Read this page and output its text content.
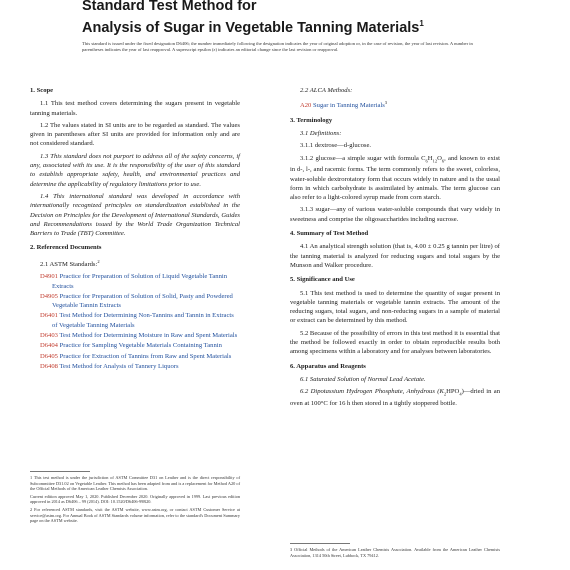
Standard Test Method for
Analysis of Sugar in Vegetable Tanning Materials$^1$
This standard is issued under the fixed designation D6406; the number immediately following the designation indicates the year of original adoption or, in the case of revision, the year of last revision. A number in parentheses indicates the year of last reapproval. A superscript epsilon (ε) indicates an editorial change since the last revision or reapproval.
1. Scope

1.1 This test method covers determining the sugars present in vegetable tanning materials.

1.2 The values stated in SI units are to be regarded as standard. The values given in parentheses after SI units are provided for information only and are not considered standard.

1.3 This standard does not purport to address all of the safety concerns, if any, associated with its use. It is the responsibility of the user of this standard to establish appropriate safety, health, and environmental practices and determine the applicability of regulatory limitations prior to use.

1.4 This international standard was developed in accordance with internationally recognized principles on standardization established in the Decision on Principles for the Development of International Standards, Guides and Recommendations issued by the World Trade Organization Technical Barriers to Trade (TBT) Committee.

2. Referenced Documents

2.1 ASTM Standards:$^2$

D4901 Practice for Preparation of Solution of Liquid Vegetable Tannin Extracts
D4905 Practice for Preparation of Solution of Solid, Pasty and Powdered Vegetable Tannin Extracts
D6401 Test Method for Determining Non-Tannins and Tannin in Extracts of Vegetable Tanning Materials
D6403 Test Method for Determining Moisture in Raw and Spent Materials
D6404 Practice for Sampling Vegetable Materials Containing Tannin
D6405 Practice for Extraction of Tannins from Raw and Spent Materials
D6408 Test Method for Analysis of Tannery Liquors

1 This test method is under the jurisdiction of ASTM Committee D31 on Leather and is the direct responsibility of Subcommittee D31.02 on Vegetable Leather. This method has been adapted from and is a replacement for Method A20 of the Official Methods of the American Leather Chemists Association.

Current edition approved May 1, 2020. Published December 2020. Originally approved in 1999. Last previous edition approved in 2014 as D6406 – 99 (2014). DOI: 10.1520/D6406-99R20.

2 For referenced ASTM standards, visit the ASTM website, www.astm.org, or contact ASTM Customer Service at service@astm.org. For Annual Book of ASTM Standards volume information, refer to the standard's Document Summary page on the ASTM website.

2.2 ALCA Methods:

A20 Sugar in Tanning Materials$^3$
3. Terminology

3.1 Definitions:

3.1.1 dextrose—d-glucose.

3.1.2 glucose—a simple sugar with formula $C_6H_{12}O_6$, and known to exist in d-, l-, and racemic forms. The term commonly refers to the sweet, colorless, water-soluble dextrorotatory form that occurs widely in nature and is the usual form in which carbohydrate is assimilated by animals. The term glucose can also refer to a light-colored syrup made from corn starch.

3.1.3 sugar—any of various water-soluble compounds that vary widely in sweetness and comprise the oligosaccharides including sucrose.

4. Summary of Test Method

4.1 An analytical strength solution (that is, 4.00 ± 0.25 g tannin per litre) of the tanning material is analyzed for reducing sugars and total sugars by the Munson and Walker procedure.

5. Significance and Use

5.1 This test method is used to determine the quantity of sugar present in vegetable tanning materials or vegetable tannin extracts. The amount of the reducing sugars, total sugars, and non-reducing sugars in a sample of material or extract can be determined by this method.

5.2 Because of the possibility of errors in this test method it is essential that the method be followed exactly in order to obtain reproducible results both among specimens within a laboratory and for analyses between laboratories.

6. Apparatus and Reagents

6.1 Saturated Solution of Normal Lead Acetate.

6.2 Dipotassium Hydrogen Phosphate, Anhydrous $(K_2HPO_4)—dried$ in an oven at 100°C for 16 h then stored in a tightly stoppered bottle.

3 Official Methods of the American Leather Chemists Association. Available from the American Leather Chemists Association, 1314 50th Street, Lubbock, TX 79412.
